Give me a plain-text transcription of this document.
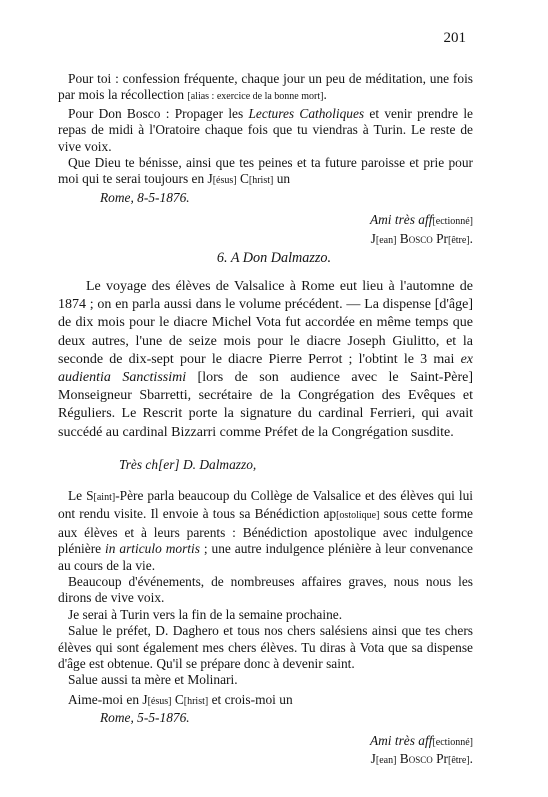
201

Pour toi : confession fréquente, chaque jour un peu de méditation, une fois par mois la récollection [alias : exercice de la bonne mort].

Pour Don Bosco : Propager les Lectures Catholiques et venir prendre le repas de midi à l'Oratoire chaque fois que tu viendras à Turin. Le reste de vive voix.

Que Dieu te bénisse, ainsi que tes peines et ta future paroisse et prie pour moi qui te serai toujours en J[ésus] C[hrist] un

Rome, 8-5-1876.

Ami très aff[ectionné]

J[ean] Bosco Pr[être].

6. A Don Dalmazzo.

Le voyage des élèves de Valsalice à Rome eut lieu à l'automne de 1874 ; on en parla aussi dans le volume précédent. — La dispense [d'âge] de dix mois pour le diacre Michel Vota fut accordée en même temps que deux autres, l'une de seize mois pour le diacre Joseph Giulitto, et la seconde de dix-sept pour le diacre Pierre Perrot ; l'obtint le 3 mai ex audientia Sanctissimi [lors de son audience avec le Saint-Père] Monseigneur Sbarretti, secrétaire de la Congrégation des Evêques et Réguliers. Le Rescrit porte la signature du cardinal Ferrieri, qui avait succédé au cardinal Bizzarri comme Préfet de la Congrégation susdite.

Très ch[er] D. Dalmazzo,

Le S[aint]-Père parla beaucoup du Collège de Valsalice et des élèves qui lui ont rendu visite. Il envoie à tous sa Bénédiction ap[ostolique] sous cette forme aux élèves et à leurs parents : Bénédiction apostolique avec indulgence plénière in articulo mortis ; une autre indulgence plénière à leur convenance au cours de la vie.

Beaucoup d'événements, de nombreuses affaires graves, nous nous les dirons de vive voix.

Je serai à Turin vers la fin de la semaine prochaine.

Salue le préfet, D. Daghero et tous nos chers salésiens ainsi que tes chers élèves qui sont également mes chers élèves. Tu diras à Vota que sa dispense d'âge est obtenue. Qu'il se prépare donc à devenir saint.

Salue aussi ta mère et Molinari.

Aime-moi en J[ésus] C[hrist] et crois-moi un

Rome, 5-5-1876.

Ami très aff[ectionné]

J[ean] Bosco Pr[être].
